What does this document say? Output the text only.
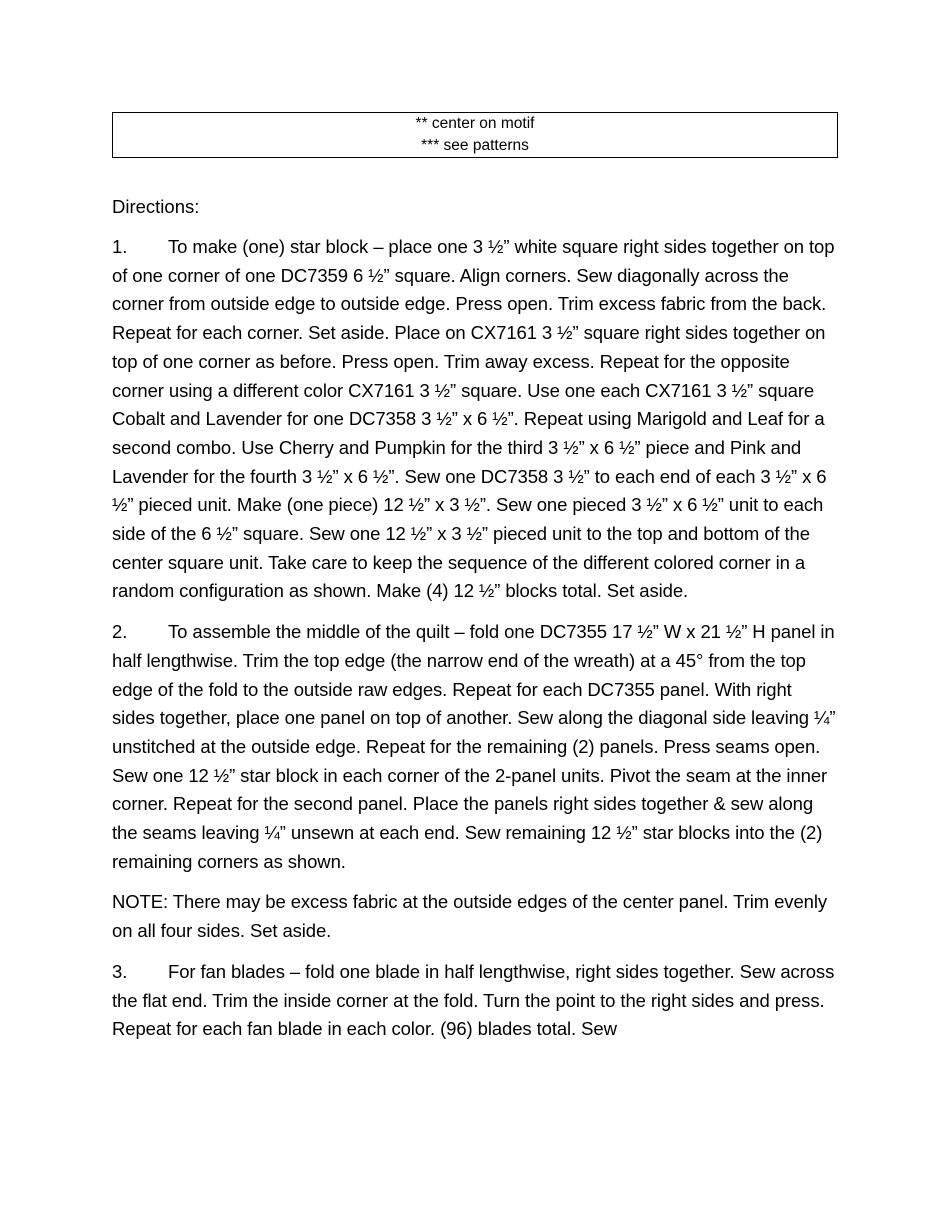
** center on motif
*** see patterns
Directions:

1. To make (one) star block – place one 3 ½” white square right sides together on top of one corner of one DC7359 6 ½” square. Align corners. Sew diagonally across the corner from outside edge to outside edge. Press open. Trim excess fabric from the back. Repeat for each corner. Set aside. Place on CX7161 3 ½” square right sides together on top of one corner as before. Press open. Trim away excess. Repeat for the opposite corner using a different color CX7161 3 ½” square. Use one each CX7161 3 ½” square Cobalt and Lavender for one DC7358 3 ½” x 6 ½”. Repeat using Marigold and Leaf for a second combo. Use Cherry and Pumpkin for the third 3 ½” x 6 ½” piece and Pink and Lavender for the fourth 3 ½” x 6 ½”. Sew one DC7358 3 ½” to each end of each 3 ½” x 6 ½” pieced unit. Make (one piece) 12 ½” x 3 ½”. Sew one pieced 3 ½” x 6 ½” unit to each side of the 6 ½” square. Sew one 12 ½” x 3 ½” pieced unit to the top and bottom of the center square unit. Take care to keep the sequence of the different colored corner in a random configuration as shown. Make (4) 12 ½” blocks total. Set aside.

2. To assemble the middle of the quilt – fold one DC7355 17 ½” W x 21 ½” H panel in half lengthwise. Trim the top edge (the narrow end of the wreath) at a 45° from the top edge of the fold to the outside raw edges. Repeat for each DC7355 panel. With right sides together, place one panel on top of another. Sew along the diagonal side leaving ¼” unstitched at the outside edge. Repeat for the remaining (2) panels. Press seams open. Sew one 12 ½” star block in each corner of the 2-panel units. Pivot the seam at the inner corner. Repeat for the second panel. Place the panels right sides together & sew along the seams leaving ¼” unsewn at each end. Sew remaining 12 ½” star blocks into the (2) remaining corners as shown.

NOTE: There may be excess fabric at the outside edges of the center panel. Trim evenly on all four sides. Set aside.

3. For fan blades – fold one blade in half lengthwise, right sides together. Sew across the flat end. Trim the inside corner at the fold. Turn the point to the right sides and press. Repeat for each fan blade in each color. (96) blades total. Sew
